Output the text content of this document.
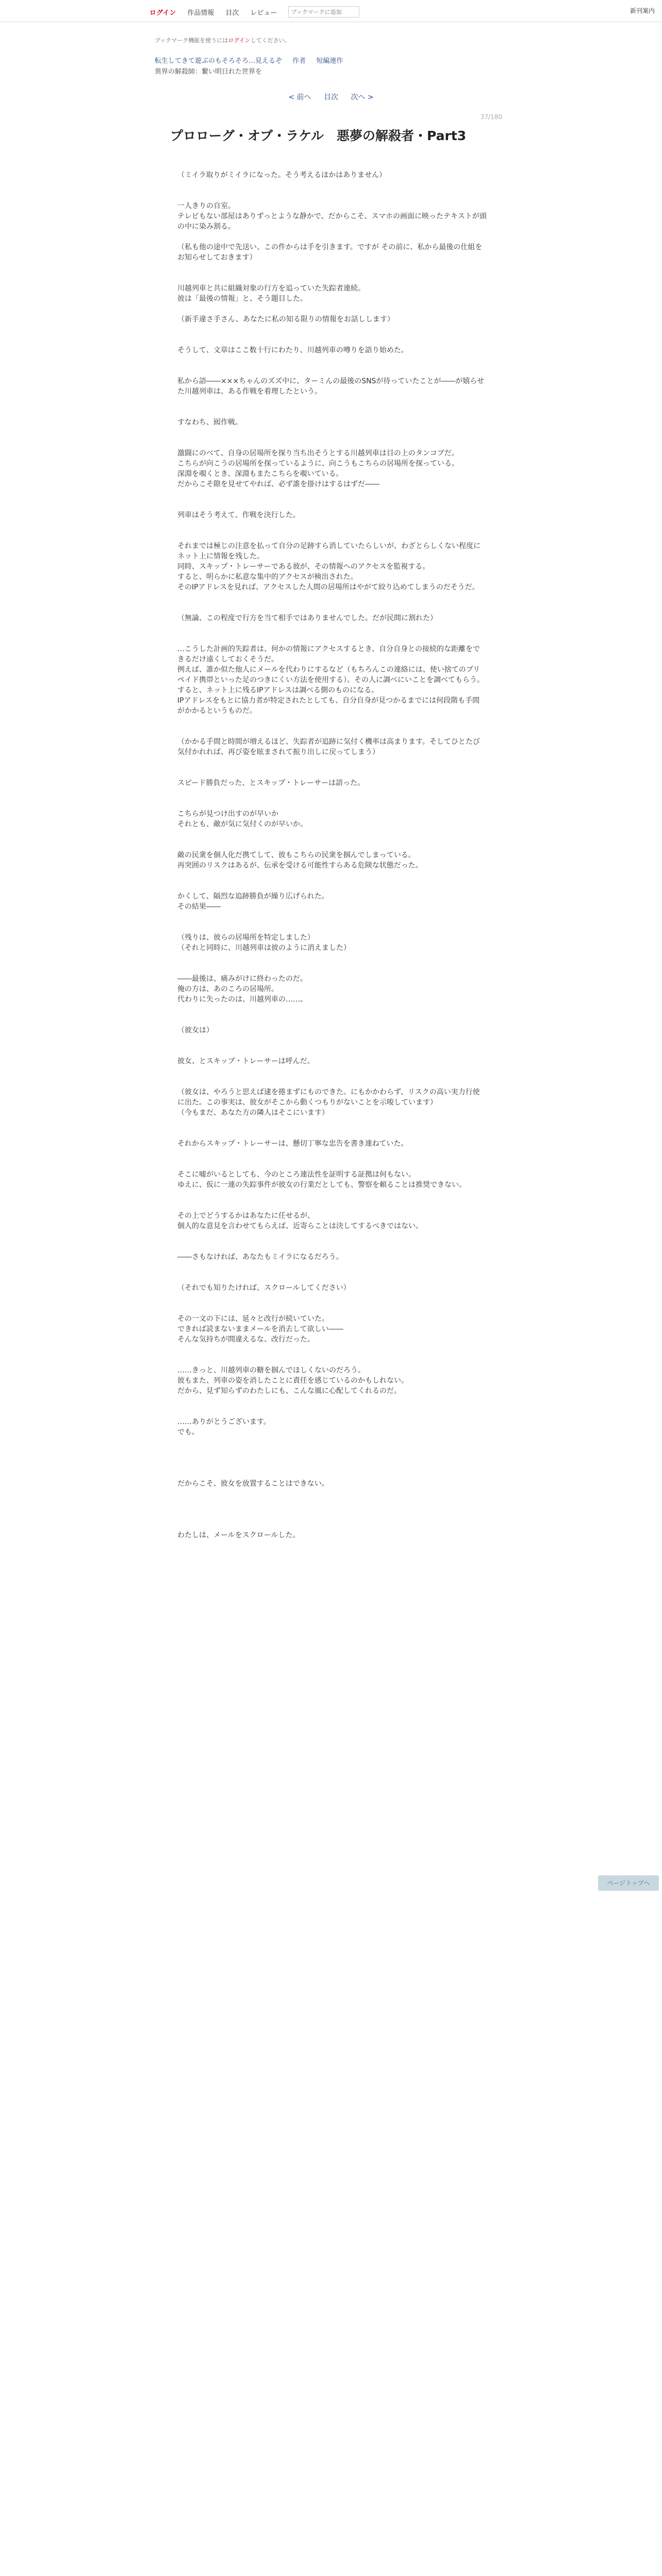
ログイン 作品情報 目次 レビュー
ブックマークに追加	新刊案内
ブックマーク機能を使うにはログインしてください。
転生してきて遊ぶのもそろそろ…見えるぞ 作者 短編連作
異界の解殺師：繋い明日れた世界を
< 前へ 目次 次へ >
37/180
プロローグ・オブ・ラケル　悪夢の解殺者・Part3

（ミイラ取りがミイラになった。そう考えるほかはありません）

一人きりの自室。

テレビもない部屋はありずっとような静かで、だからこそ、スマホの画面に映ったテキストが頭の中に染み割る。

（私も他の途中で先送い、この件からは手を引きます。ですが その前に、私から最後の仕組をお知らせしておきます）

川越列車と共に組織対象の行方を追っていた失踪者連続。

彼は「最後の情報」と、そう題目した。

（新手違さ手さん、あなたに私の知る限りの情報をお話しします）

そうして、文章はここ数十行にわたり、川越列車の噂りを語り始めた。

私から語――×××ちゃんのズズ中に、ターミんの最後のSNSが待っていたことが――が嬉らせた川越列車は、ある作戦を着理したという。

すなわち、囮作戦。

激闘にのべて、自身の居場所を探り当ち出そうとする川越列車は目の上のタンコブだ。

こちらが向こうの居場所を探っているように、向こうもこちらの居場所を探っている。

深淵を覗くとき、深淵もまたこちらを覗いている。

だからこそ隙を見せてやれば、必ず誰を掛けはするはずだ――

列車はそう考えて、作戦を決行した。

それまでは極じの注意を払って自分の足跡すら消していたらしいが、わざとらしくない程度にネット上に情報を残した。

同時、スキップ・トレーサーである彼が、その情報へのアクセスを監視する。

すると、明らかに私意な集中的アクセスが検出された。

そのIPアドレスを見れば、アクセスした人間の居場所はやがて絞り込めてしまうのだそうだ。

（無論、この程度で行方を当て相手ではありませんでした。だが民間に割れた）

…こうした計画的失踪者は、何かの情報にアクセスするとき、自分自身との接続的な距離をできるだけ遠くしておくそうだ。

例えば、誰か似た他人にメールを代わりにするなど（もちろんこの連絡には、使い捨てのプリペイド携帯といった足のつきにくい方法を使用する）。その人に調べにいことを調べてもらう。

すると、ネット上に残るIPアドレスは調べる側のものになる。

IPアドレスをもとに協力者が特定されたとしても、自分自身が見つかるまでには何段階も手間がかかるというものだ。

（かかる手間と時間が増えるほど、失踪者が追跡に気付く機率は高まります。そしてひとたび気付かれれば、再び姿を眩まされて振り出しに戻ってしまう）

スピード勝負だった、とスキップ・トレーサーは語った。

こちらが見つけ出すのが早いか

それとも、敵が気に気付くのが早いか。

敵の民衆を個人化だ携てして、彼もこちらの民衆を掴んでしまっている。

再突囲のリスクはあるが、伝承を受ける可能性すらある危険な状態だった。

かくして、隔烈な追跡勝負が繰り広げられた。

その結果――

（残りは、彼らの居場所を特定しました）

（それと同時に、川越列車は彼のように消えました）

――最後は、痛みがけに終わったのだ。

俺の方は、あのころの居場所。

代わりに失ったのは、川越列車の……。

（彼女は）

彼女、とスキップ・トレーサーは呼んだ。

（彼女は、やろうと思えば逮を捲まずにものできた。にもかかわらず、リスクの高い実力行使に出た。この事実は、彼女がそこから動くつもりがないことを示唆しています）

（今もまだ、あなた方の隣人はそこにいます）

それからスキップ・トレーサーは、懸切丁寧な忠告を書き連ねていた。

そこに嘘がいるとしても、今のところ連法性を証明する証拠は何もない。

ゆえに、仮に一連の失踪事件が彼女の行業だとしても、警察を頼ることは推奨できない。

その上でどうするかはあなたに任せるが、

個人的な意見を言わせてもらえば、近寄らことは決してするべきではない。

――さもなければ、あなたもミイラになるだろう。

（それでも知りたければ、スクロールしてください）

その一文の下には、延々と改行が続いていた。

できれば読まないままメールを消去して欲しい――

そんな気持ちが間違えるな、改行だった。

……きっと、川越列車の糖を掴んでほしくないのだろう。

彼もまた、列車の姿を消したことに責任を感じているのかもしれない。

だから、見ず知らずのわたしにも、こんな風に心配してくれるのだ。

……ありがとうございます。

でも。

だからこそ、彼女を放置することはできない。

わたしは、メールをスクロールした。

ページトップへ
